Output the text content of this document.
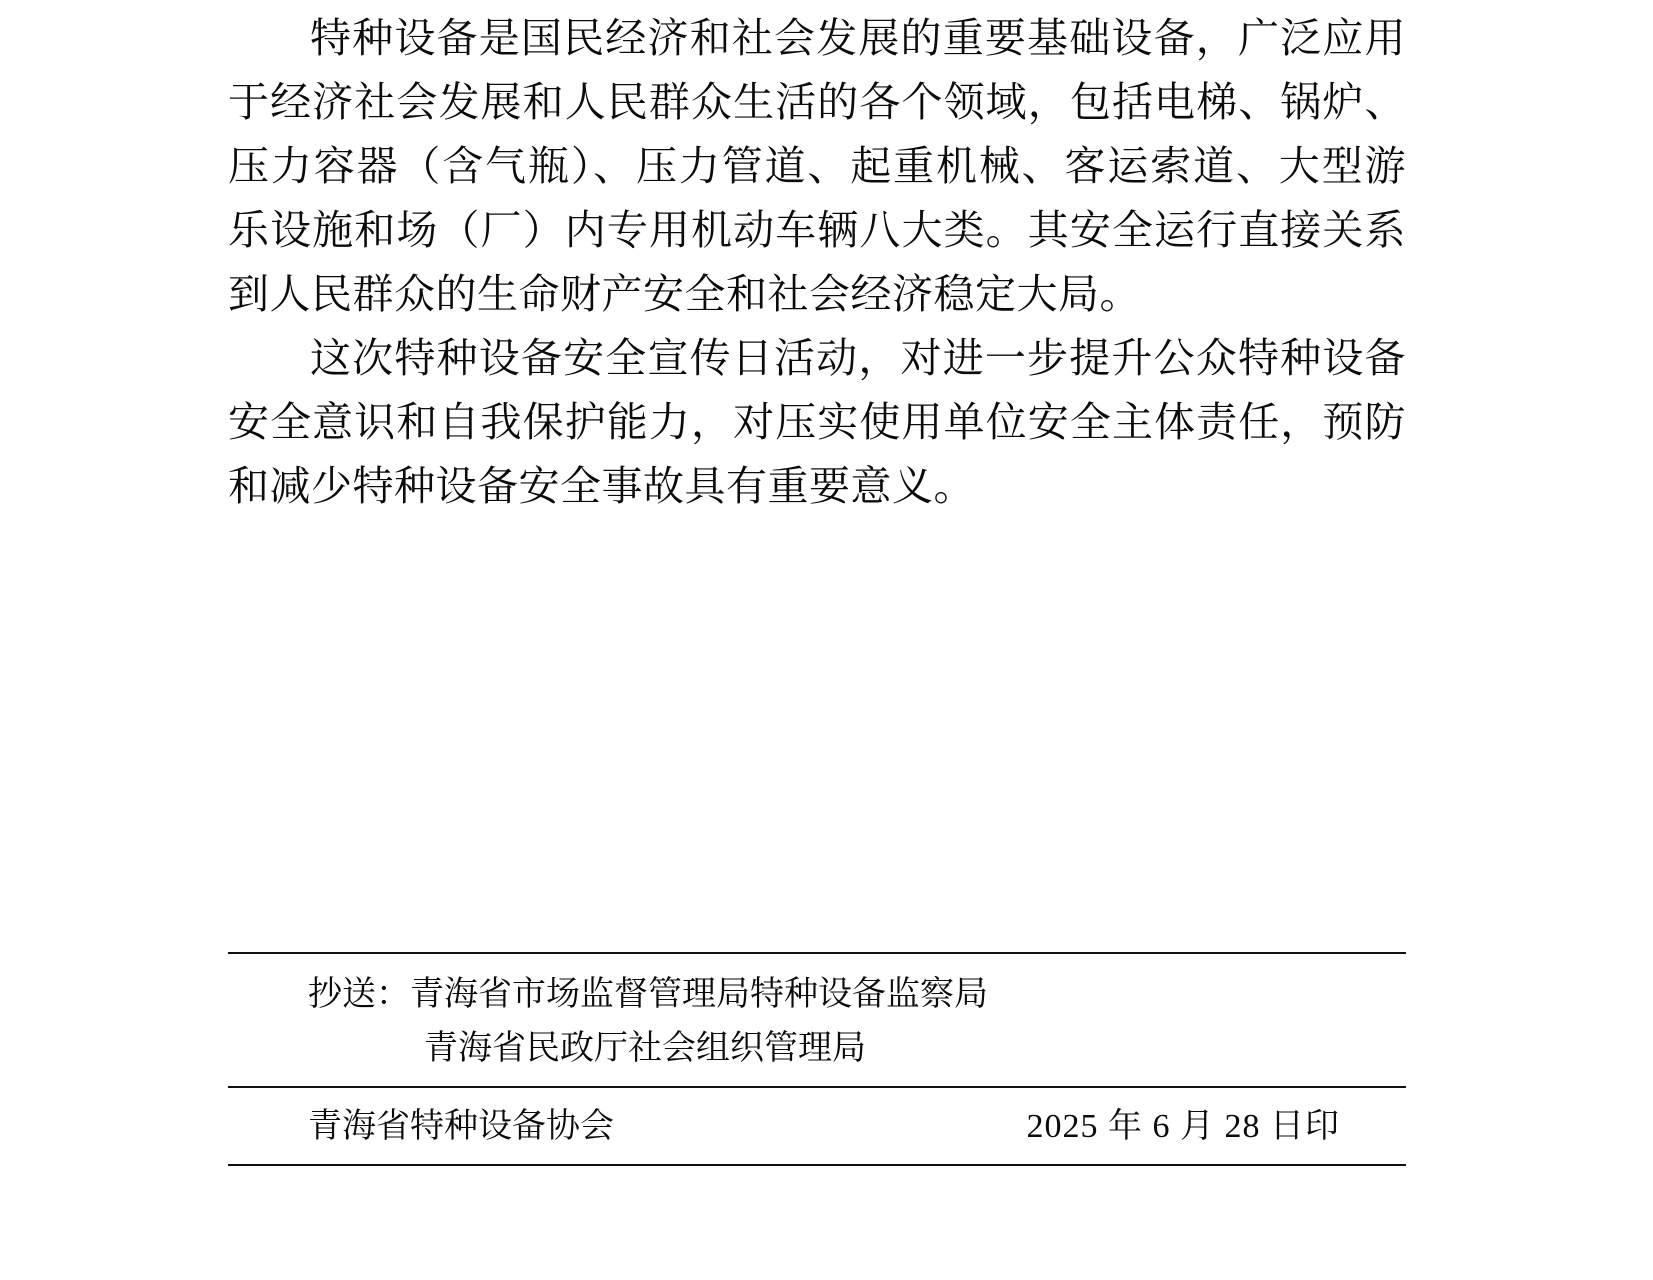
特种设备是国民经济和社会发展的重要基础设备，广泛应用于经济社会发展和人民群众生活的各个领域，包括电梯、锅炉、压力容器（含气瓶）、压力管道、起重机械、客运索道、大型游乐设施和场（厂）内专用机动车辆八大类。其安全运行直接关系到人民群众的生命财产安全和社会经济稳定大局。

这次特种设备安全宣传日活动，对进一步提升公众特种设备安全意识和自我保护能力，对压实使用单位安全主体责任，预防和减少特种设备安全事故具有重要意义。

抄送：青海省市场监督管理局特种设备监察局
青海省民政厅社会组织管理局
青海省特种设备协会	2025 年 6 月 28 日印
